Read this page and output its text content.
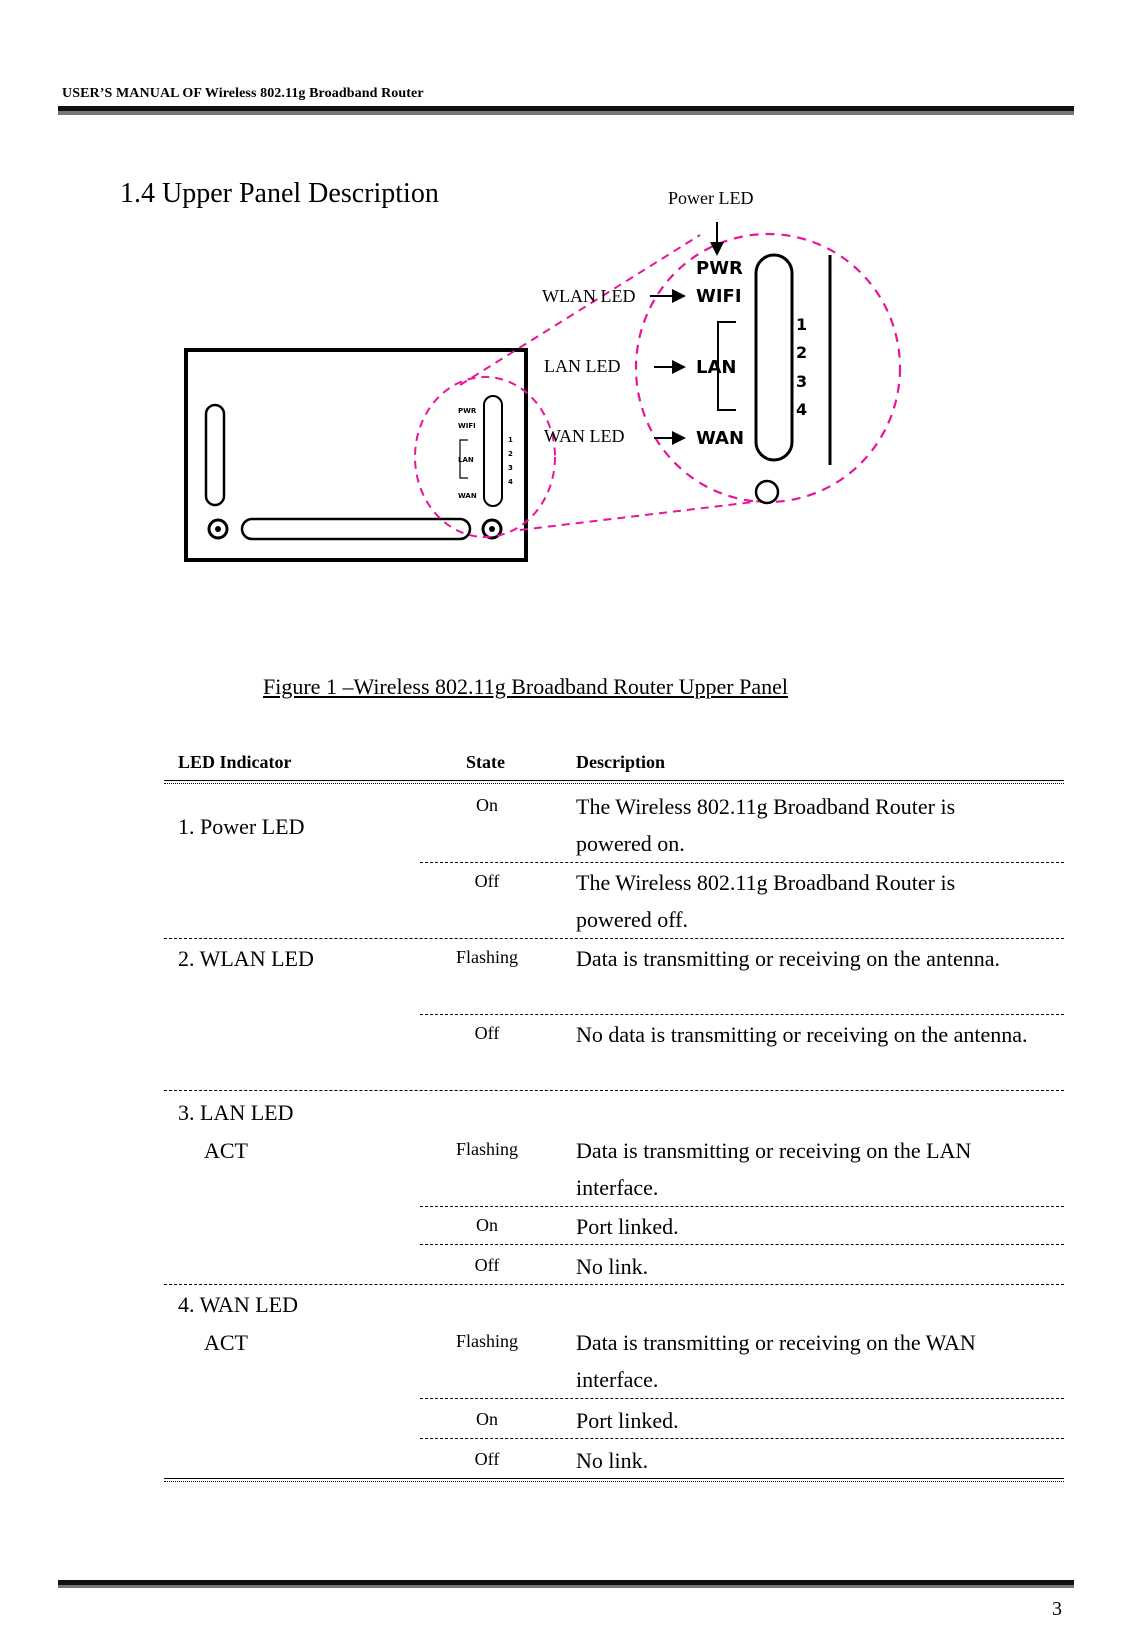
USER’S MANUAL OF Wireless 802.11g Broadband Router
1.4 Upper Panel Description
PWR
WIFI
LAN
WAN
1
2
3
4
PWR
WIFI
LAN
WAN
1
2
3
4
Power LED
WLAN LED
LAN LED
WAN LED
Figure 1 –Wireless 802.11g Broadband Router Upper Panel
LED Indicator	State	Description
1. Power LED
On	The Wireless 802.11g Broadband Router is powered on.
Off	The Wireless 802.11g Broadband Router is powered off.
2. WLAN LED	Flashing	Data is transmitting or receiving on the antenna.
Off	No data is transmitting or receiving on the antenna.
3. LAN LED
ACT	Flashing	Data is transmitting or receiving on the LAN interface.
On	Port linked.
Off	No link.
4. WAN LED
ACT	Flashing	Data is transmitting or receiving on the WAN interface.
On	Port linked.
Off	No link.
3
